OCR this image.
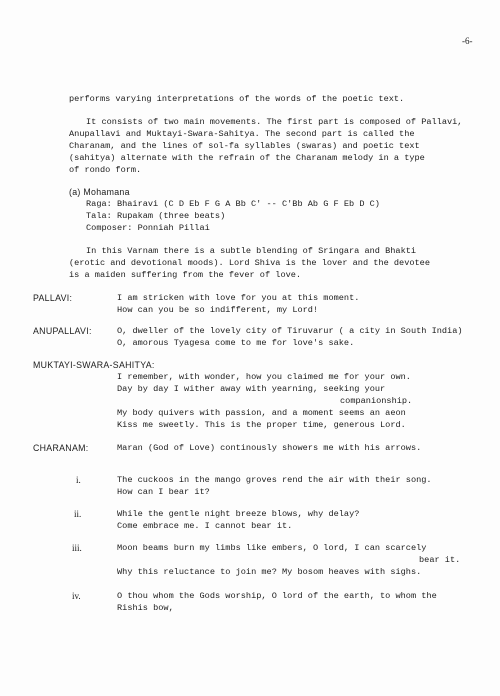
-6-
performs varying interpretations of the words of the poetic text.
It consists of two main movements. The first part is composed of Pallavi,
Anupallavi and Muktayi-Swara-Sahitya. The second part is called the
Charanam, and the lines of sol-fa syllables (swaras) and poetic text
(sahitya) alternate with the refrain of the Charanam melody in a type
of rondo form.
(a) Mohamana
Raga: Bhairavi (C D Eb F G A Bb C' -- C'Bb Ab G F Eb D C)
Tala: Rupakam (three beats)
Composer: Ponniah Pillai
In this Varnam there is a subtle blending of Sringara and Bhakti
(erotic and devotional moods). Lord Shiva is the lover and the devotee
is a maiden suffering from the fever of love.
PALLAVI:	I am stricken with love for you at this moment.
How can you be so indifferent, my Lord!
ANUPALLAVI:	O, dweller of the lovely city of Tiruvarur ( a city in South India)
O, amorous Tyagesa come to me for love's sake.
MUKTAYI-SWARA-SAHITYA:
I remember, with wonder, how you claimed me for your own.
Day by day I wither away with yearning, seeking your
companionship.
My body quivers with passion, and a moment seems an aeon
Kiss me sweetly. This is the proper time, generous Lord.
CHARANAM:	Maran (God of Love) continously showers me with his arrows.
i.	The cuckoos in the mango groves rend the air with their song.
How can I bear it?
ii.	While the gentle night breeze blows, why delay?
Come embrace me. I cannot bear it.
iii.	Moon beams burn my limbs like embers, O lord, I can scarcely
bear it.
Why this reluctance to join me? My bosom heaves with sighs.
iv.	O thou whom the Gods worship, O lord of the earth, to whom the
Rishis bow,
